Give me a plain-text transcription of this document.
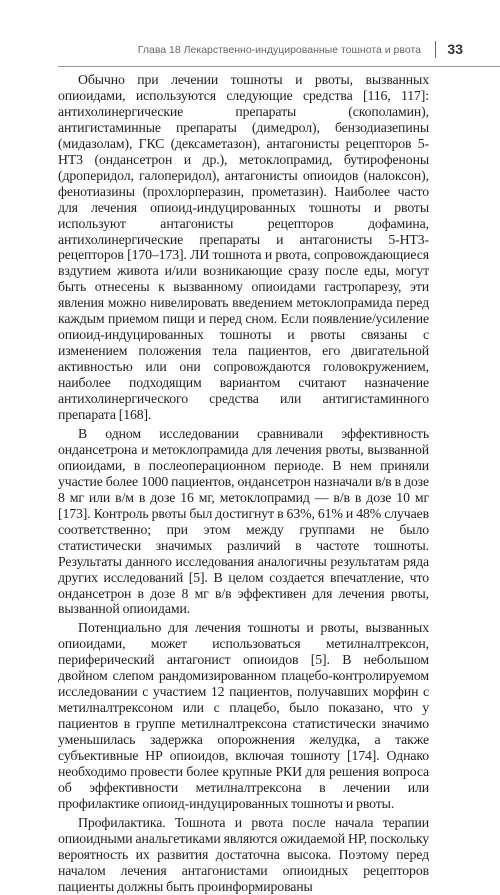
Глава 18 Лекарственно-индуцированные тошнота и рвота 33

Обычно при лечении тошноты и рвоты, вызванных опиоидами, используются следующие средства [116, 117]: антихолинергические препараты (скополамин), антигистаминные препараты (димедрол), бензодиазепины (мидазолам), ГКС (дексаметазон), антагонисты рецепторов 5-НТ3 (ондансетрон и др.), метоклопрамид, бутирофеноны (дроперидол, галоперидол), антагонисты опиоидов (налоксон), фенотиазины (прохлорперазин, прометазин). Наиболее часто для лечения опиоид-индуцированных тошноты и рвоты используют антагонисты рецепторов дофамина, антихолинергические препараты и антагонисты 5-НТ3-рецепторов [170–173]. ЛИ тошнота и рвота, сопровождающиеся вздутием живота и/или возникающие сразу после еды, могут быть отнесены к вызванному опиоидами гастропарезу, эти явления можно нивелировать введением метоклопрамида перед каждым приемом пищи и перед сном. Если появление/усиление опиоид-индуцированных тошноты и рвоты связаны с изменением положения тела пациентов, его двигательной активностью или они сопровождаются головокружением, наиболее подходящим вариантом считают назначение антихолинергического средства или антигистаминного препарата [168].

В одном исследовании сравнивали эффективность ондансетрона и метоклопрамида для лечения рвоты, вызванной опиоидами, в послеоперационном периоде. В нем приняли участие более 1000 пациентов, ондансетрон назначали в/в в дозе 8 мг или в/м в дозе 16 мг, метоклопрамид — в/в в дозе 10 мг [173]. Контроль рвоты был достигнут в 63%, 61% и 48% случаев соответственно; при этом между группами не было статистически значимых различий в частоте тошноты. Результаты данного исследования аналогичны результатам ряда других исследований [5]. В целом создается впечатление, что ондансетрон в дозе 8 мг в/в эффективен для лечения рвоты, вызванной опиоидами.

Потенциально для лечения тошноты и рвоты, вызванных опиоидами, может использоваться метилналтрексон, периферический антагонист опиоидов [5]. В небольшом двойном слепом рандомизированном плацебо-контролируемом исследовании с участием 12 пациентов, получавших морфин с метилналтрексоном или с плацебо, было показано, что у пациентов в группе метилналтрексона статистически значимо уменьшилась задержка опорожнения желудка, а также субъективные НР опиоидов, включая тошноту [174]. Однако необходимо провести более крупные РКИ для решения вопроса об эффективности метилналтрексона в лечении или профилактике опиоид-индуцированных тошноты и рвоты.

Профилактика. Тошнота и рвота после начала терапии опиоидными анальгетиками являются ожидаемой НР, поскольку вероятность их развития достаточна высока. Поэтому перед началом лечения антагонистами опиоидных рецепторов пациенты должны быть проинформированы
